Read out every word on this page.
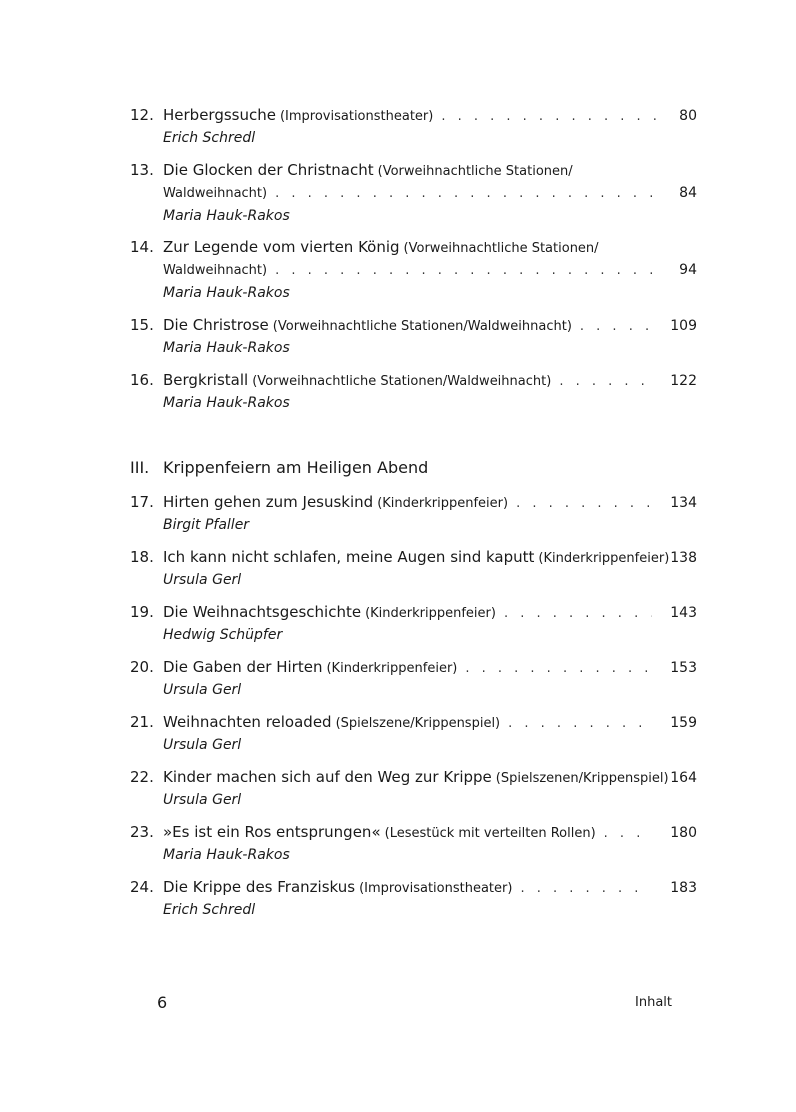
12. Herbergssuche (Improvisationstheater) . . .	80
Erich Schredl
13. Die Glocken der Christnacht (Vorweihnachtliche Stationen/
Waldweihnacht) . . .	84
Maria Hauk-Rakos
14. Zur Legende vom vierten König (Vorweihnachtliche Stationen/
Waldweihnacht) . . .	94
Maria Hauk-Rakos
15. Die Christrose (Vorweihnachtliche Stationen/Waldweihnacht) . . .	109
Maria Hauk-Rakos
16. Bergkristall (Vorweihnachtliche Stationen/Waldweihnacht) . . .	122
Maria Hauk-Rakos
III. Krippenfeiern am Heiligen Abend
17. Hirten gehen zum Jesuskind (Kinderkrippenfeier) . . .	134
Birgit Pfaller
18. Ich kann nicht schlafen, meine Augen sind kaputt (Kinderkrippenfeier) 138
Ursula Gerl
19. Die Weihnachtsgeschichte (Kinderkrippenfeier) . . .	143
Hedwig Schüpfer
20. Die Gaben der Hirten (Kinderkrippenfeier) . . .	153
Ursula Gerl
21. Weihnachten reloaded (Spielszene/Krippenspiel) . . .	159
Ursula Gerl
22. Kinder machen sich auf den Weg zur Krippe (Spielszenen/Krippenspiel) 164
Ursula Gerl
23. »Es ist ein Ros entsprungen« (Lesestück mit verteilten Rollen) . . .	180
Maria Hauk-Rakos
24. Die Krippe des Franziskus (Improvisationstheater) . . .	183
Erich Schredl
6	Inhalt
